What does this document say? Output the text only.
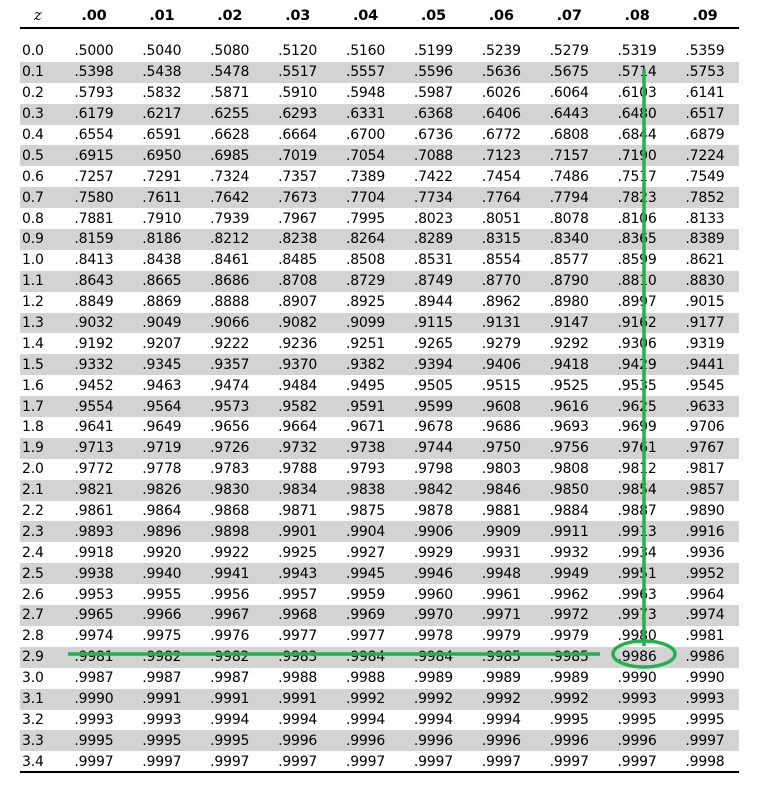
z	.00	.01	.02	.03	.04	.05	.06	.07	.08	.09
0.0	.5000	.5040	.5080	.5120	.5160	.5199	.5239	.5279	.5319	.5359
0.1	.5398	.5438	.5478	.5517	.5557	.5596	.5636	.5675	.5714	.5753
0.2	.5793	.5832	.5871	.5910	.5948	.5987	.6026	.6064	.6103	.6141
0.3	.6179	.6217	.6255	.6293	.6331	.6368	.6406	.6443	.6480	.6517
0.4	.6554	.6591	.6628	.6664	.6700	.6736	.6772	.6808	.6844	.6879
0.5	.6915	.6950	.6985	.7019	.7054	.7088	.7123	.7157	.7190	.7224
0.6	.7257	.7291	.7324	.7357	.7389	.7422	.7454	.7486	.7517	.7549
0.7	.7580	.7611	.7642	.7673	.7704	.7734	.7764	.7794	.7823	.7852
0.8	.7881	.7910	.7939	.7967	.7995	.8023	.8051	.8078	.8106	.8133
0.9	.8159	.8186	.8212	.8238	.8264	.8289	.8315	.8340	.8365	.8389
1.0	.8413	.8438	.8461	.8485	.8508	.8531	.8554	.8577	.8599	.8621
1.1	.8643	.8665	.8686	.8708	.8729	.8749	.8770	.8790	.8810	.8830
1.2	.8849	.8869	.8888	.8907	.8925	.8944	.8962	.8980	.8997	.9015
1.3	.9032	.9049	.9066	.9082	.9099	.9115	.9131	.9147	.9162	.9177
1.4	.9192	.9207	.9222	.9236	.9251	.9265	.9279	.9292	.9306	.9319
1.5	.9332	.9345	.9357	.9370	.9382	.9394	.9406	.9418	.9429	.9441
1.6	.9452	.9463	.9474	.9484	.9495	.9505	.9515	.9525	.9535	.9545
1.7	.9554	.9564	.9573	.9582	.9591	.9599	.9608	.9616	.9625	.9633
1.8	.9641	.9649	.9656	.9664	.9671	.9678	.9686	.9693	.9699	.9706
1.9	.9713	.9719	.9726	.9732	.9738	.9744	.9750	.9756	.9761	.9767
2.0	.9772	.9778	.9783	.9788	.9793	.9798	.9803	.9808	.9812	.9817
2.1	.9821	.9826	.9830	.9834	.9838	.9842	.9846	.9850	.9854	.9857
2.2	.9861	.9864	.9868	.9871	.9875	.9878	.9881	.9884	.9887	.9890
2.3	.9893	.9896	.9898	.9901	.9904	.9906	.9909	.9911	.9913	.9916
2.4	.9918	.9920	.9922	.9925	.9927	.9929	.9931	.9932	.9934	.9936
2.5	.9938	.9940	.9941	.9943	.9945	.9946	.9948	.9949	.9951	.9952
2.6	.9953	.9955	.9956	.9957	.9959	.9960	.9961	.9962	.9963	.9964
2.7	.9965	.9966	.9967	.9968	.9969	.9970	.9971	.9972	.9973	.9974
2.8	.9974	.9975	.9976	.9977	.9977	.9978	.9979	.9979	.9980	.9981
2.9	.9981	.9982	.9982	.9983	.9984	.9984	.9985	.9985	.9986	.9986
3.0	.9987	.9987	.9987	.9988	.9988	.9989	.9989	.9989	.9990	.9990
3.1	.9990	.9991	.9991	.9991	.9992	.9992	.9992	.9992	.9993	.9993
3.2	.9993	.9993	.9994	.9994	.9994	.9994	.9994	.9995	.9995	.9995
3.3	.9995	.9995	.9995	.9996	.9996	.9996	.9996	.9996	.9996	.9997
3.4	.9997	.9997	.9997	.9997	.9997	.9997	.9997	.9997	.9997	.9998
